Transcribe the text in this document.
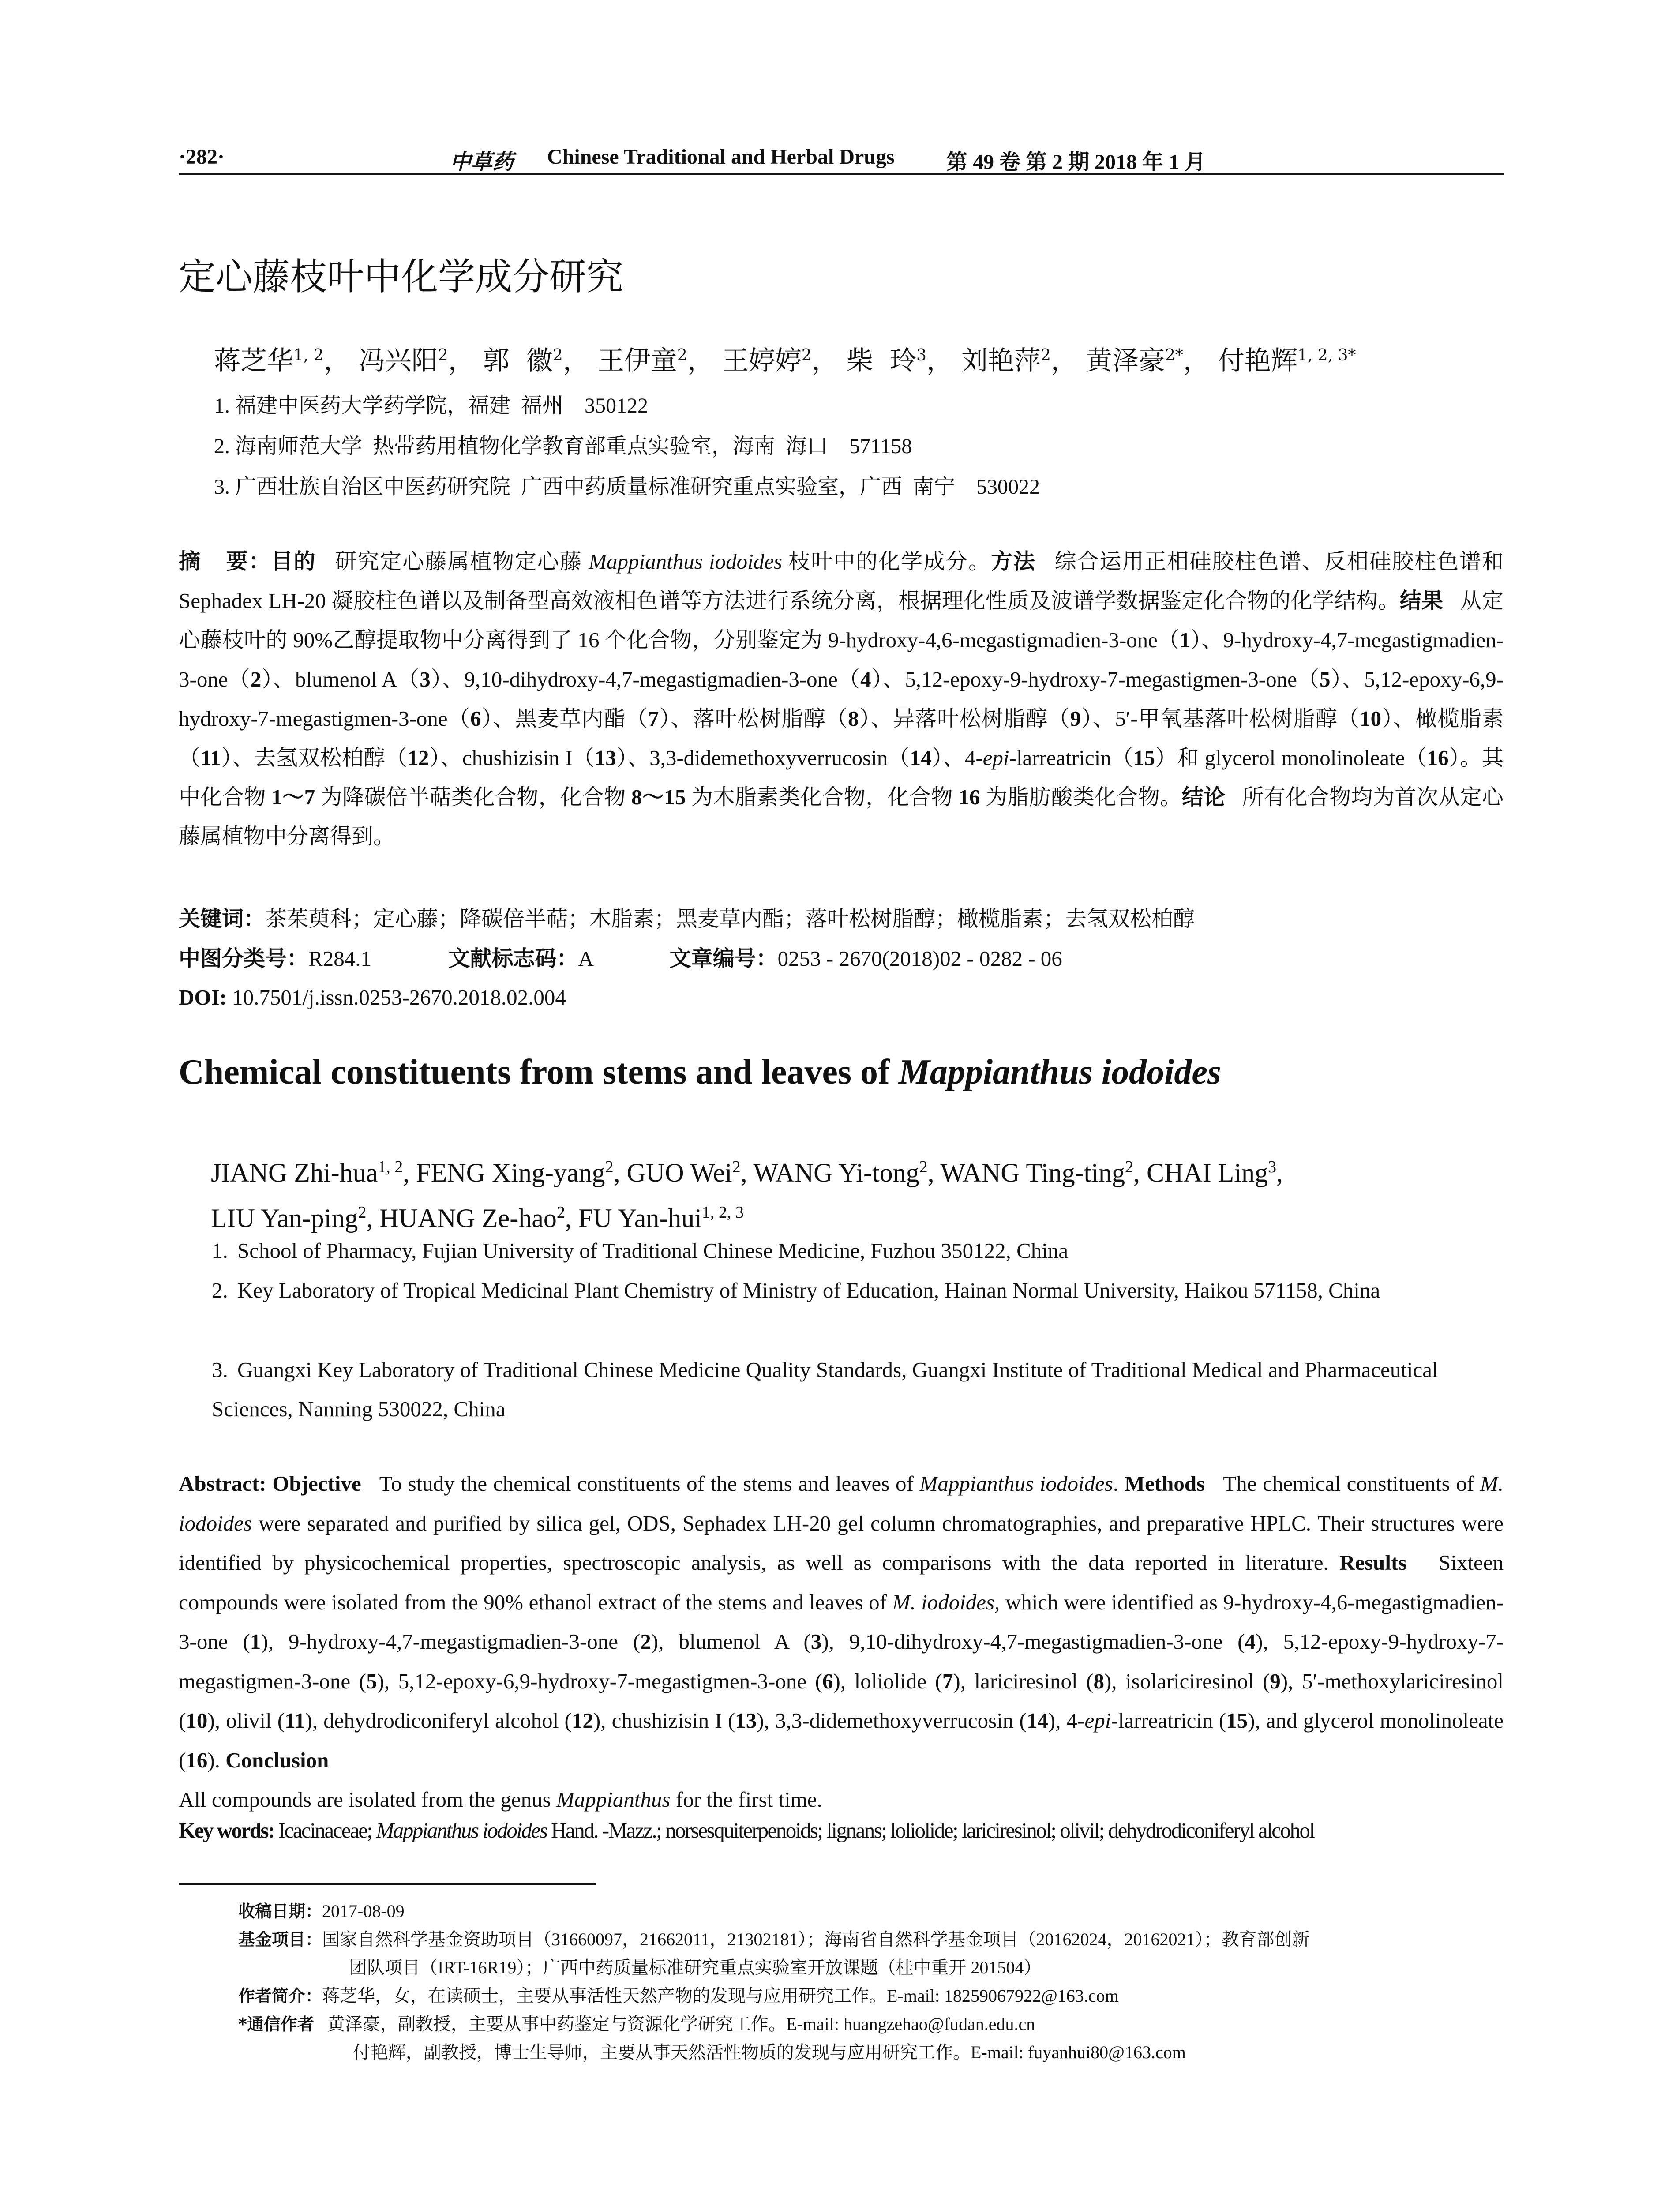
·282·	中草药 Chinese Traditional and Herbal Drugs 第 49 卷 第 2 期 2018 年 1 月
定心藤枝叶中化学成分研究
蒋芝华$^{1, 2}$， 冯兴阳$^2$， 郭  徽$^2$， 王伊童$^2$， 王婷婷$^2$， 柴  玲$^3$， 刘艳萍$^2$， 黄泽豪$^{2*}$， 付艳辉$^{1, 2, 3*}$
1. 福建中医药大学药学院，福建  福州    350122
2. 海南师范大学  热带药用植物化学教育部重点实验室，海南  海口    571158
3. 广西壮族自治区中医药研究院  广西中药质量标准研究重点实验室，广西  南宁    530022
摘    要：目的 研究定心藤属植物定心藤 Mappianthus iodoides 枝叶中的化学成分。方法 综合运用正相硅胶柱色谱、反相硅胶柱色谱和 Sephadex LH-20 凝胶柱色谱以及制备型高效液相色谱等方法进行系统分离，根据理化性质及波谱学数据鉴定化合物的化学结构。结果 从定心藤枝叶的 90%乙醇提取物中分离得到了 16 个化合物，分别鉴定为 9-hydroxy-4,6-megastigmadien-3-one（1）、9-hydroxy-4,7-megastigmadien-3-one（2）、blumenol A（3）、9,10-dihydroxy-4,7-megastigmadien-3-one（4）、5,12-epoxy-9-hydroxy-7-megastigmen-3-one（5）、5,12-epoxy-6,9-hydroxy-7-megastigmen-3-one（6）、黑麦草内酯（7）、落叶松树脂醇（8）、异落叶松树脂醇（9）、5′-甲氧基落叶松树脂醇（10）、橄榄脂素（11）、去氢双松柏醇（12）、chushizisin I（13）、3,3-didemethoxyverrucosin（14）、4-epi-larreatricin（15）和 glycerol monolinoleate（16）。其中化合物 1～7 为降碳倍半萜类化合物，化合物 8～15 为木脂素类化合物，化合物 16 为脂肪酸类化合物。结论 所有化合物均为首次从定心藤属植物中分离得到。
关键词：茶茱萸科；定心藤；降碳倍半萜；木脂素；黑麦草内酯；落叶松树脂醇；橄榄脂素；去氢双松柏醇
中图分类号：R284.1	文献标志码：A	文章编号：0253 - 2670(2018)02 - 0282 - 06
DOI: 10.7501/j.issn.0253-2670.2018.02.004
Chemical constituents from stems and leaves of Mappianthus iodoides
JIANG Zhi-hua$^{1, 2}$, FENG Xing-yang$^2$, GUO Wei$^2$, WANG Yi-tong$^2$, WANG Ting-ting$^2$, CHAI Ling$^3$,
LIU Yan-ping$^2$, HUANG Ze-hao$^2$, FU Yan-hui$^{1, 2, 3}$
1. School of Pharmacy, Fujian University of Traditional Chinese Medicine, Fuzhou 350122, China
2. Key Laboratory of Tropical Medicinal Plant Chemistry of Ministry of Education, Hainan Normal University, Haikou 571158, China
3. Guangxi Key Laboratory of Traditional Chinese Medicine Quality Standards, Guangxi Institute of Traditional Medical and Pharmaceutical Sciences, Nanning 530022, China
Abstract: Objective To study the chemical constituents of the stems and leaves of Mappianthus iodoides. Methods The chemical constituents of M. iodoides were separated and purified by silica gel, ODS, Sephadex LH-20 gel column chromatographies, and preparative HPLC. Their structures were identified by physicochemical properties, spectroscopic analysis, as well as comparisons with the data reported in literature. Results Sixteen compounds were isolated from the 90% ethanol extract of the stems and leaves of M. iodoides, which were identified as 9-hydroxy-4,6-megastigmadien-3-one (1), 9-hydroxy-4,7-megastigmadien-3-one (2), blumenol A (3), 9,10-dihydroxy-4,7-megastigmadien-3-one (4), 5,12-epoxy-9-hydroxy-7-megastigmen-3-one (5), 5,12-epoxy-6,9-hydroxy-7-megastigmen-3-one (6), loliolide (7), lariciresinol (8), isolariciresinol (9), 5′-methoxylariciresinol (10), olivil (11), dehydrodiconiferyl alcohol (12), chushizisin I (13), 3,3-didemethoxyverrucosin (14), 4-epi-larreatricin (15), and glycerol monolinoleate (16). Conclusion
All compounds are isolated from the genus Mappianthus for the first time.
Key words: Icacinaceae; Mappianthus iodoides Hand. -Mazz.; norsesquiterpenoids; lignans; loliolide; lariciresinol; olivil; dehydrodiconiferyl alcohol
收稿日期：2017-08-09
基金项目：国家自然科学基金资助项目（31660097，21662011，21302181）；海南省自然科学基金项目（20162024，20162021）；教育部创新
团队项目（IRT-16R19）；广西中药质量标准研究重点实验室开放课题（桂中重开 201504）
作者简介：蒋芝华，女，在读硕士，主要从事活性天然产物的发现与应用研究工作。E-mail: 18259067922@163.com
*通信作者 黄泽豪，副教授，主要从事中药鉴定与资源化学研究工作。E-mail: huangzehao@fudan.edu.cn
付艳辉，副教授，博士生导师，主要从事天然活性物质的发现与应用研究工作。E-mail: fuyanhui80@163.com
